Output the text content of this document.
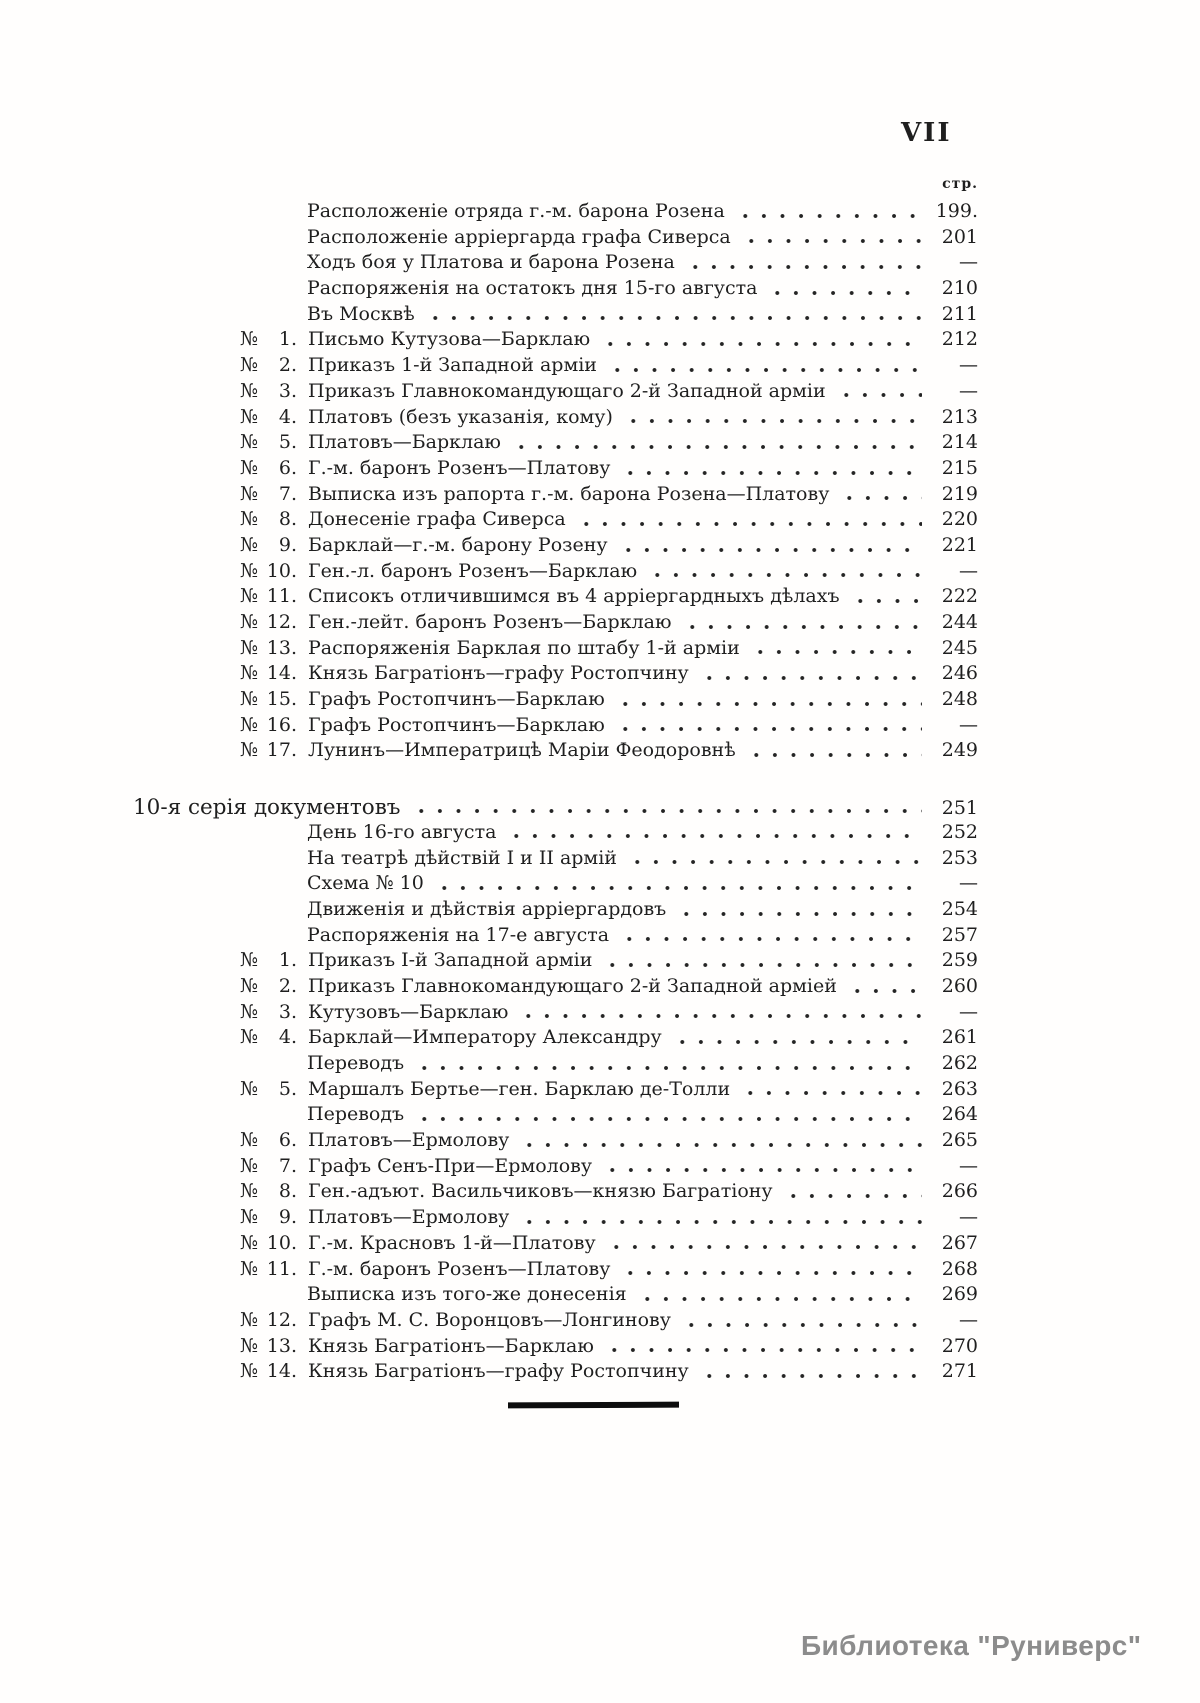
VII
стр.
Расположеніе отряда г.-м. барона Розена	199.
Расположеніе арріергарда графа Сиверса	201
Ходъ боя у Платова и барона Розена	—
Распоряженія на остатокъ дня 15-го августа	210
Въ Москвѣ	211
№ 1. Письмо Кутузова—Барклаю	212
№ 2. Приказъ 1-й Западной арміи	—
№ 3. Приказъ Главнокомандующаго 2-й Западной арміи	—
№ 4. Платовъ (безъ указанія, кому)	213
№ 5. Платовъ—Барклаю	214
№ 6. Г.-м. баронъ Розенъ—Платову	215
№ 7. Выписка изъ рапорта г.-м. барона Розена—Платову	219
№ 8. Донесеніе графа Сиверса	220
№ 9. Барклай—г.-м. барону Розену	221
№ 10. Ген.-л. баронъ Розенъ—Барклаю	—
№ 11. Списокъ отличившимся въ 4 арріергардныхъ дѣлахъ	222
№ 12. Ген.-лейт. баронъ Розенъ—Барклаю	244
№ 13. Распоряженія Барклая по штабу 1-й арміи	245
№ 14. Князь Багратіонъ—графу Ростопчину	246
№ 15. Графъ Ростопчинъ—Барклаю	248
№ 16. Графъ Ростопчинъ—Барклаю	—
№ 17. Лунинъ—Императрицѣ Маріи Феодоровнѣ	249
10-я серія документовъ	251
День 16-го августа	252
На театрѣ дѣйствій I и II армій	253
Схема № 10	—
Движенія и дѣйствія арріергардовъ	254
Распоряженія на 17-е августа	257
№ 1. Приказъ І-й Западной арміи	259
№ 2. Приказъ Главнокомандующаго 2-й Западной арміей	260
№ 3. Кутузовъ—Барклаю	—
№ 4. Барклай—Императору Александру	261
Переводъ	262
№ 5. Маршалъ Бертье—ген. Барклаю де-Толли	263
Переводъ	264
№ 6. Платовъ—Ермолову	265
№ 7. Графъ Сенъ-При—Ермолову	—
№ 8. Ген.-адъют. Васильчиковъ—князю Багратіону	266
№ 9. Платовъ—Ермолову	—
№ 10. Г.-м. Красновъ 1-й—Платову	267
№ 11. Г.-м. баронъ Розенъ—Платову	268
Выписка изъ того-же донесенія	269
№ 12. Графъ М. С. Воронцовъ—Лонгинову	—
№ 13. Князь Багратіонъ—Барклаю	270
№ 14. Князь Багратіонъ—графу Ростопчину	271
Библиотека "Руниверс"
